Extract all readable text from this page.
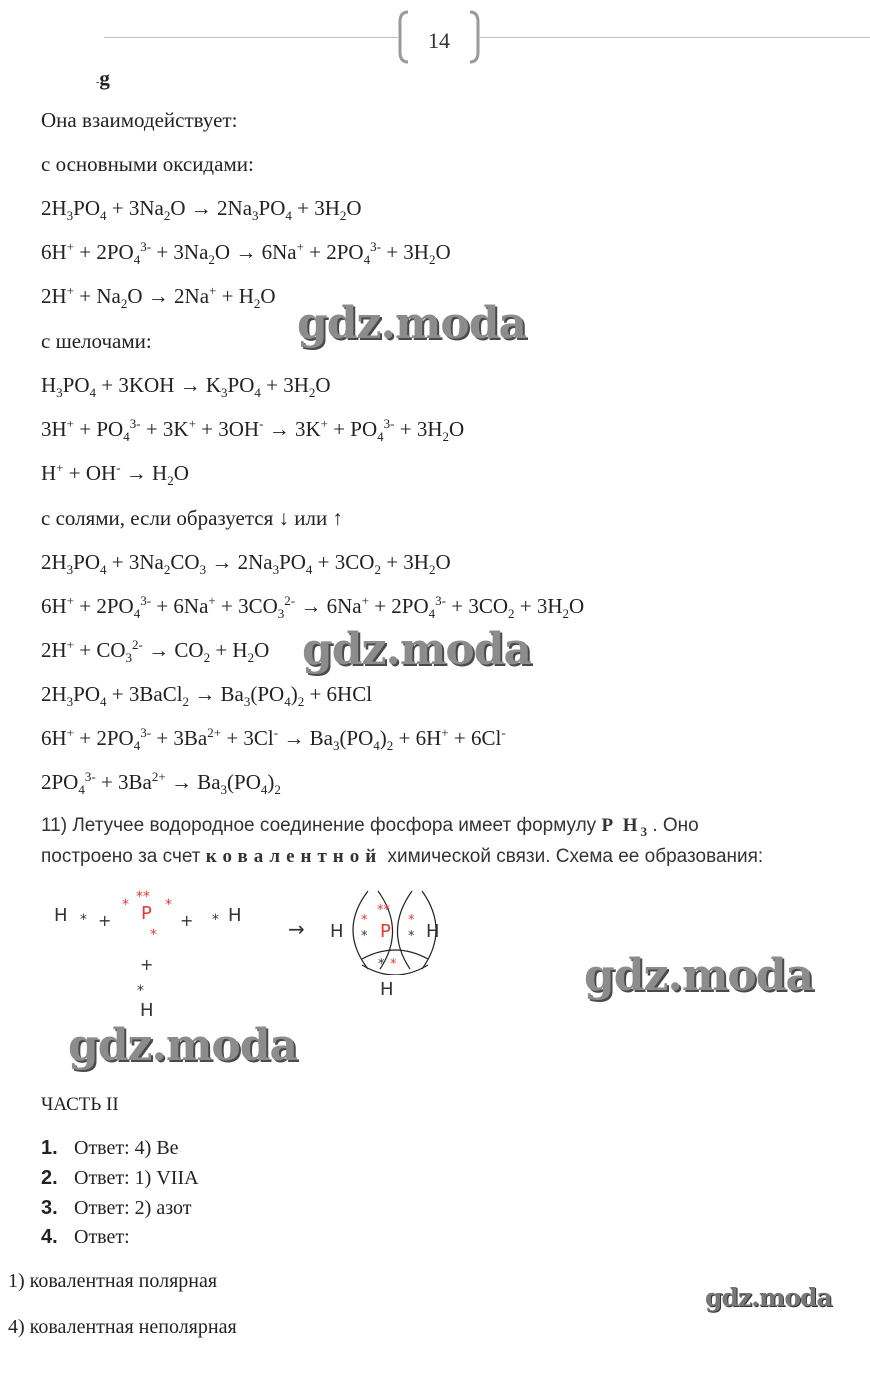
14
-g
Она взаимодействует:
с основными оксидами:
$2H_3PO_4 + 3Na_2O \to 2Na_3PO_4 + 3H_2O$
$6H^+ + 2PO_4^{3-} + 3Na_2O \to 6Na^+ + 2PO_4^{3-} + 3H_2O$
$2H^+ + Na_2O \to 2Na^+ + H_2O$
с шелочами:
$H_3PO_4 + 3KOH \to K_3PO_4 + 3H_2O$
$3H^+ + PO_4^{3-} + 3K^+ + 3OH^- \to 3K^+ + PO_4^{3-} + 3H_2O$
$H^+ + OH^- \to H_2O$
с солями, если образуется ↓ или ↑
$2H_3PO_4 + 3Na_2CO_3 \to 2Na_3PO_4 + 3CO_2 + 3H_2O$
$6H^+ + 2PO_4^{3-} + 6Na^+ + 3CO_3^{2-} \to 6Na^+ + 2PO_4^{3-} + 3CO_2 + 3H_2O$
$2H^+ + CO_3^{2-} \to CO_2 + H_2O$
$2H_3PO_4$ + 3BaCl$_2$ → $Ba_3(PO_4)_2 + 6HCl$
$6H^+ + 2PO_4^{3-} + 3Ba^{2+} + 3Cl^- \to Ba_3(PO_4)_2 + 6H^+ + 6Cl^-$
$2PO_4^{3-} + 3Ba^{2+} \to Ba_3(PO_4)_2$
11) Летучее водородное соединение фосфора имеет формулу P $H_3$ . Оно
построено за счет ковалентной химической связи. Схема ее образования:
H * +
* **
P *
*
+ * H
+
*
H
→ H
*
*
**
P
*
* H
* *
H
ЧАСТЬ II
1. Ответ: 4) Be
2. Ответ: 1) VIIA
3. Ответ: 2) азот
4. Ответ:
1) ковалентная полярная
4) ковалентная неполярная
gdz.moda
gdz.moda
gdz.moda
gdz.moda
gdz.moda
